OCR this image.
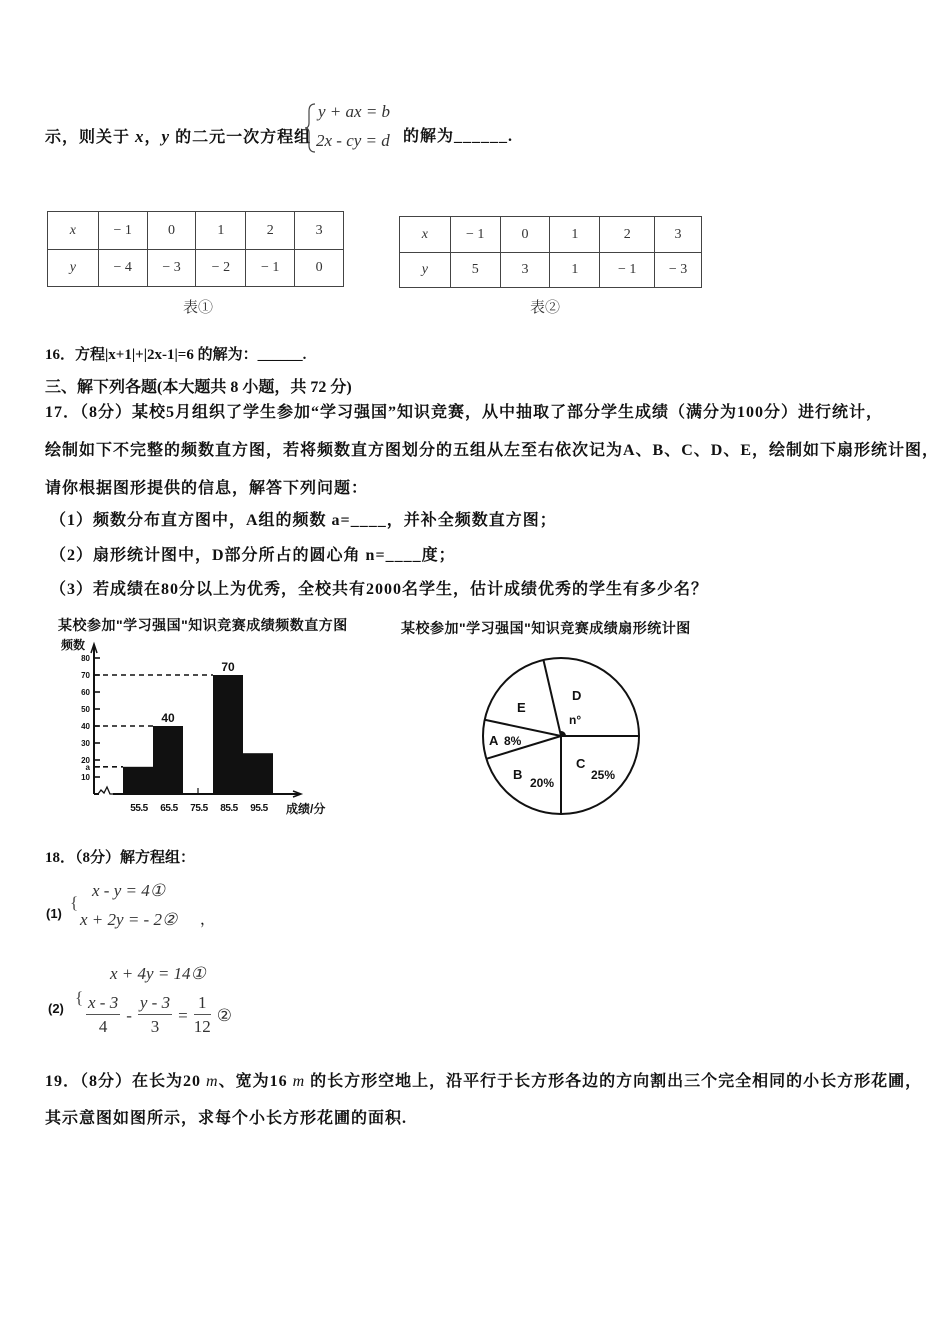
示，则关于 x，y 的二元一次方程组
y + ax = b
2x - cy = d 的解为______.
x	− 1	0	1	2	3
y	− 4	− 3	− 2	− 1	0
表①
x	− 1	0	1	2	3
y	5	3	1	− 1	− 3
表②
16．方程|x+1|+|2x-1|=6 的解为：______.
三、解下列各题(本大题共 8 小题，共 72 分)
17．（8分）某校5月组织了学生参加“学习强国”知识竞赛，从中抽取了部分学生成绩（满分为100分）进行统计，
绘制如下不完整的频数直方图，若将频数直方图划分的五组从左至右依次记为A、B、C、D、E，绘制如下扇形统计图，
请你根据图形提供的信息，解答下列问题：
（1）频数分布直方图中，A组的频数 a=____，并补全频数直方图；
（2）扇形统计图中，D部分所占的圆心角 n=____度；
（3）若成绩在80分以上为优秀，全校共有2000名学生，估计成绩优秀的学生有多少名？
某校参加"学习强国"知识竞赛成绩频数直方图	某校参加"学习强国"知识竞赛成绩扇形统计图
40
70
10
a
20
30
40
50
60
70
80
55.5 65.5 75.5 85.5 95.5 成绩/分
频数
A 8%
B
20%
C
25%
D
n°
E
18．（8分）解方程组：
(1)
{
x - y = 4①
x + 2y = - 2② ，
x + 4y = 14①
(2)
{ $\frac{x - 3}{4} - \frac{y - 3}{3} = \frac{1}{12}$ ②
19．（8分）在长为20 m、宽为16 m 的长方形空地上，沿平行于长方形各边的方向割出三个完全相同的小长方形花圃，
其示意图如图所示，求每个小长方形花圃的面积.
